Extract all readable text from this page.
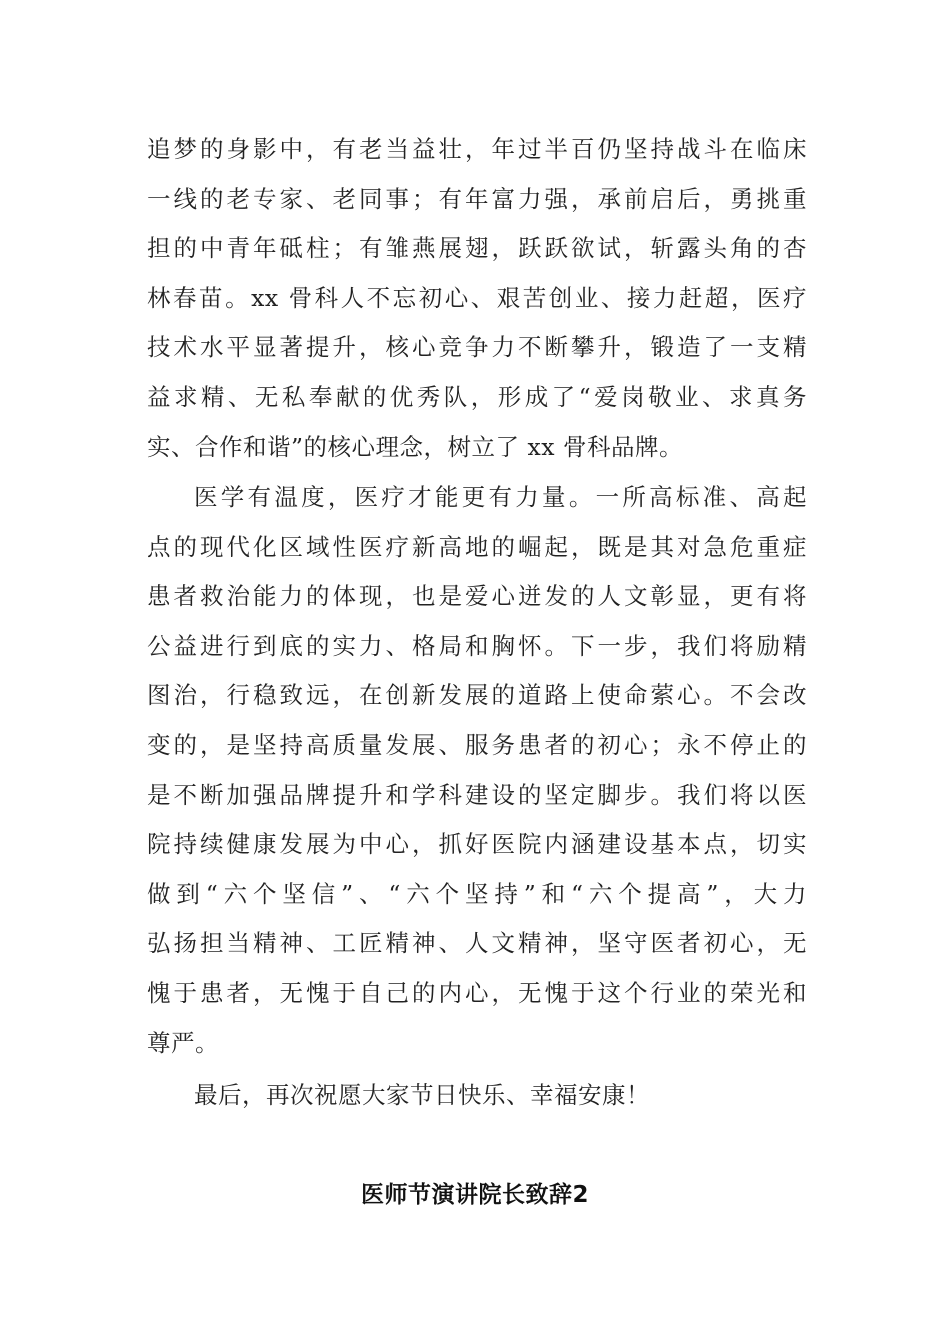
追梦的身影中，有老当益壮，年过半百仍坚持战斗在临床
一线的老专家、老同事；有年富力强，承前启后，勇挑重
担的中青年砥柱；有雏燕展翅，跃跃欲试，斩露头角的杏
林春苗。xx 骨科人不忘初心、艰苦创业、接力赶超，医疗
技术水平显著提升，核心竞争力不断攀升，锻造了一支精
益求精、无私奉献的优秀队，形成了“爱岗敬业、求真务
实、合作和谐”的核心理念，树立了 xx 骨科品牌。
医学有温度，医疗才能更有力量。一所高标准、高起
点的现代化区域性医疗新高地的崛起，既是其对急危重症
患者救治能力的体现，也是爱心迸发的人文彰显，更有将
公益进行到底的实力、格局和胸怀。下一步，我们将励精
图治，行稳致远，在创新发展的道路上使命萦心。不会改
变的，是坚持高质量发展、服务患者的初心；永不停止的
是不断加强品牌提升和学科建设的坚定脚步。我们将以医
院持续健康发展为中心，抓好医院内涵建设基本点，切实
做到“六个坚信”、“六个坚持”和“六个提高”，大力
弘扬担当精神、工匠精神、人文精神，坚守医者初心，无
愧于患者，无愧于自己的内心，无愧于这个行业的荣光和
尊严。
最后，再次祝愿大家节日快乐、幸福安康！
医师节演讲院长致辞2
